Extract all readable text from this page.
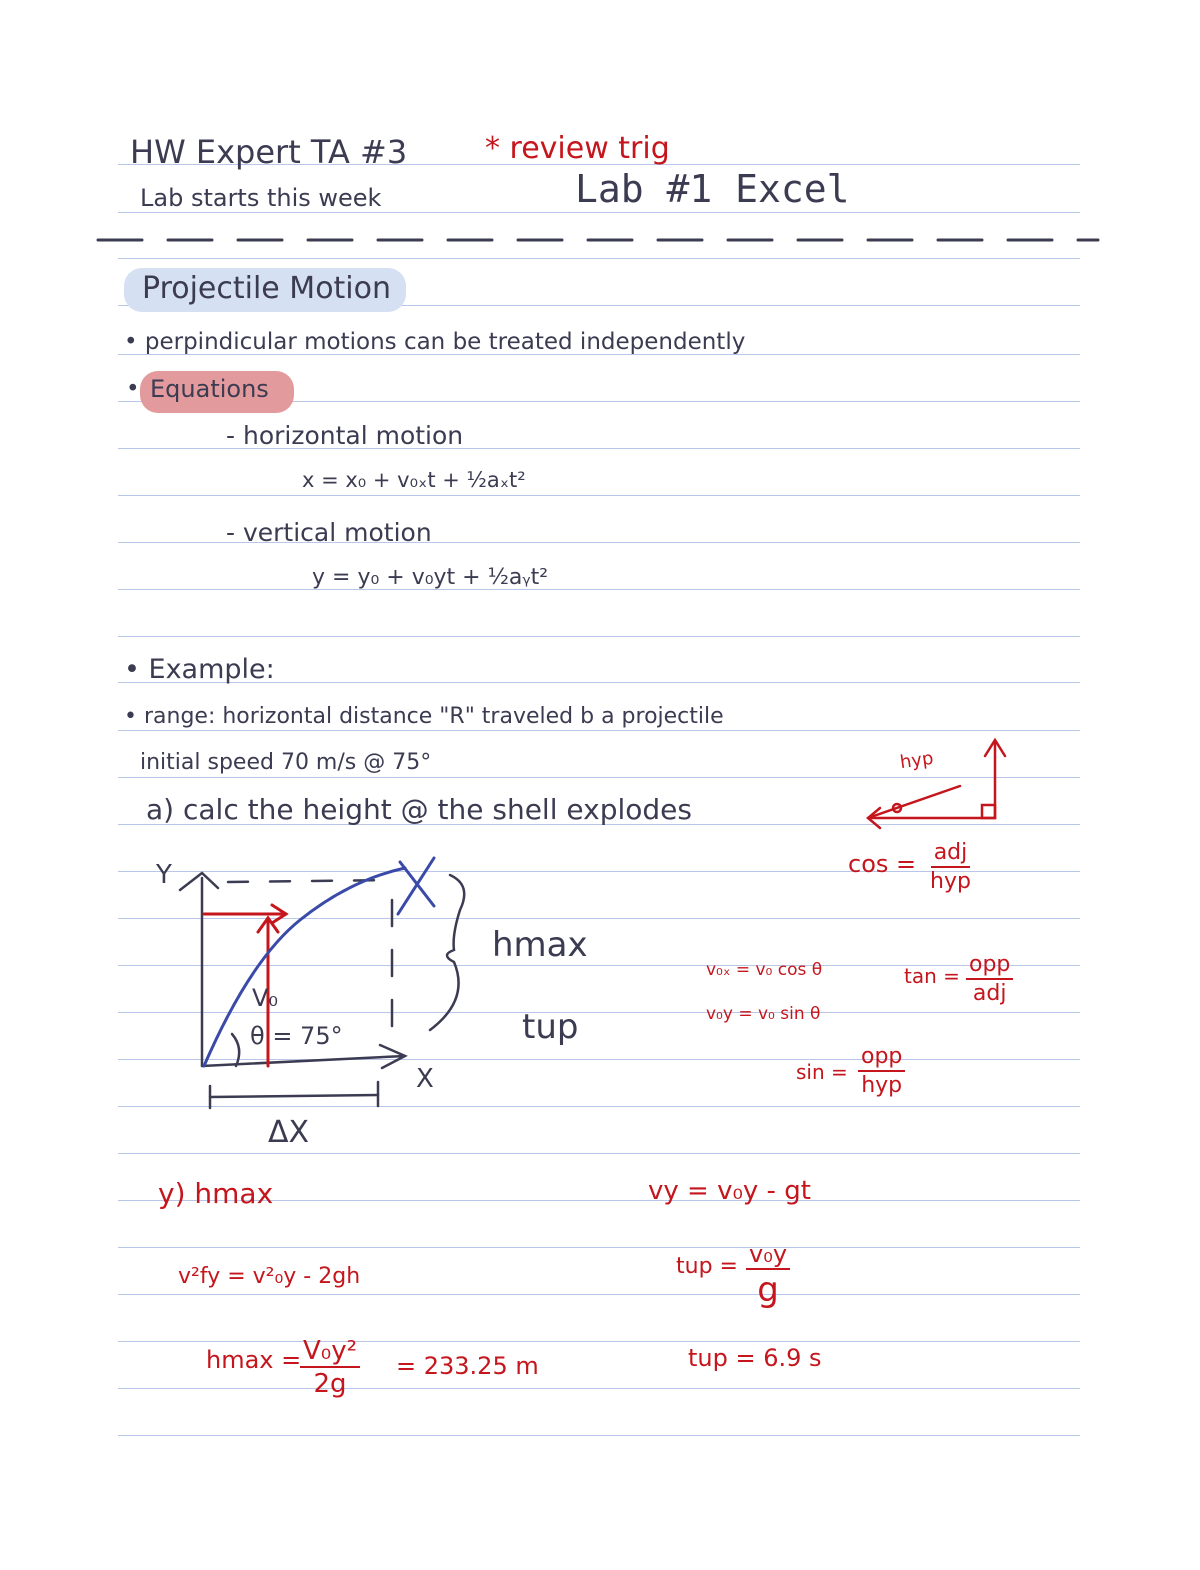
HW Expert TA #3
Lab starts this week
* review trig
Lab #1 Excel
Projectile Motion
• perpindicular motions can be treated independently
• Equations
- horizontal motion
x = x₀ + v₀ₓt + ½aₓt²
- vertical motion
y = y₀ + v₀yt + ½aᵧt²
• Example:
• range: horizontal distance "R" traveled b a projectile
initial speed 70 m/s @ 75°
a) calc the height @ the shell explodes
Y
X
V₀
θ = 75°
ΔX
hmax
tup
hyp
cos = adj
hyp
v₀ₓ = v₀ cos θ
v₀y = v₀ sin θ
tan = opp
adj
sin =
opp
hyp
y) hmax
v²fy = v²₀y - 2gh
hmax =
$\frac{\text{V₀y²}}{2g} = 233.25$ m
vy = v₀y - gt
tup = v₀y
g
tup = 6.9 s
